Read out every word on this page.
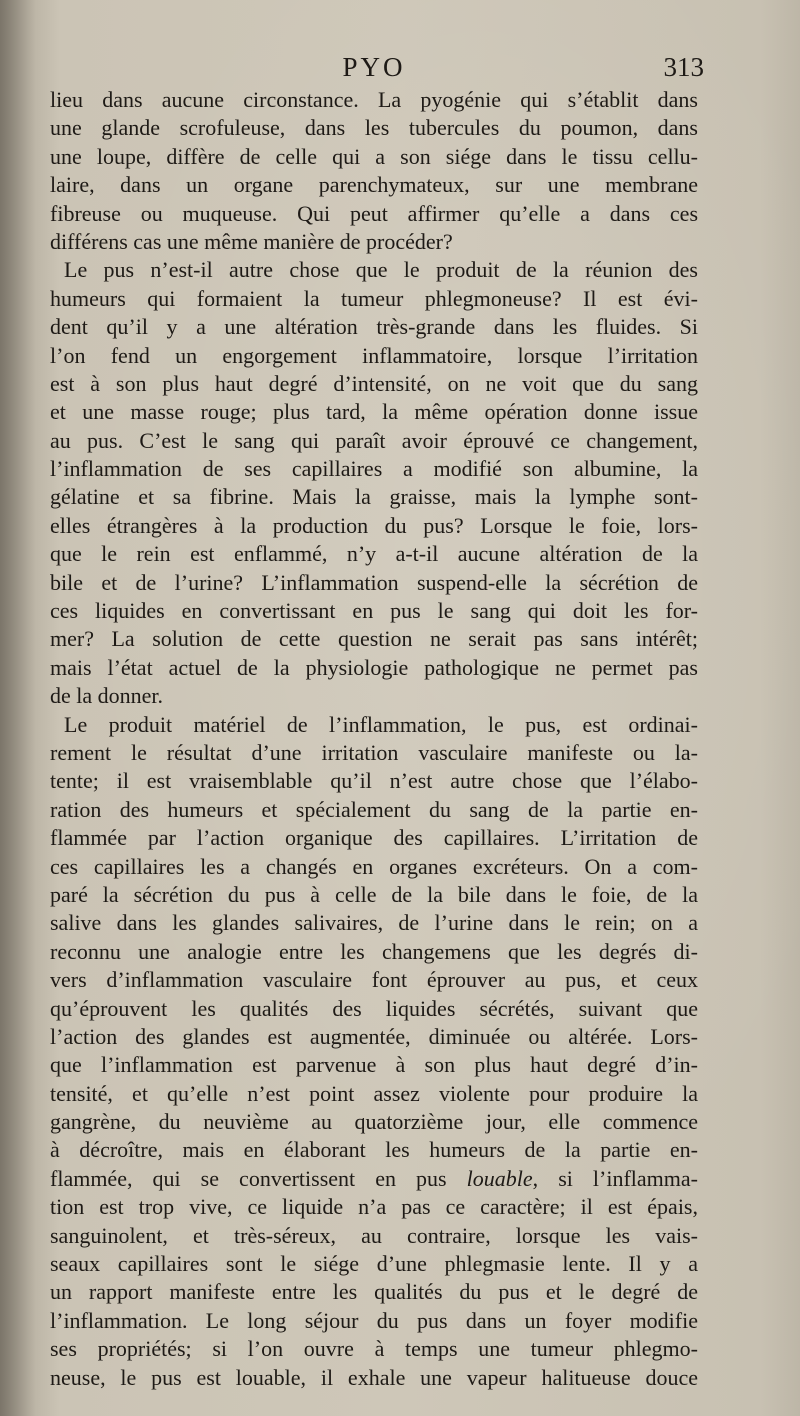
PYO	313
lieu dans aucune circonstance. La pyogénie qui s’établit dans
une glande scrofuleuse, dans les tubercules du poumon, dans
une loupe, diffère de celle qui a son siége dans le tissu cellu-
laire, dans un organe parenchymateux, sur une membrane
fibreuse ou muqueuse. Qui peut affirmer qu’elle a dans ces
différens cas une même manière de procéder?
Le pus n’est-il autre chose que le produit de la réunion des
humeurs qui formaient la tumeur phlegmoneuse? Il est évi-
dent qu’il y a une altération très-grande dans les fluides. Si
l’on fend un engorgement inflammatoire, lorsque l’irritation
est à son plus haut degré d’intensité, on ne voit que du sang
et une masse rouge; plus tard, la même opération donne issue
au pus. C’est le sang qui paraît avoir éprouvé ce changement,
l’inflammation de ses capillaires a modifié son albumine, la
gélatine et sa fibrine. Mais la graisse, mais la lymphe sont-
elles étrangères à la production du pus? Lorsque le foie, lors-
que le rein est enflammé, n’y a-t-il aucune altération de la
bile et de l’urine? L’inflammation suspend-elle la sécrétion de
ces liquides en convertissant en pus le sang qui doit les for-
mer? La solution de cette question ne serait pas sans intérêt;
mais l’état actuel de la physiologie pathologique ne permet pas
de la donner.
Le produit matériel de l’inflammation, le pus, est ordinai-
rement le résultat d’une irritation vasculaire manifeste ou la-
tente; il est vraisemblable qu’il n’est autre chose que l’élabo-
ration des humeurs et spécialement du sang de la partie en-
flammée par l’action organique des capillaires. L’irritation de
ces capillaires les a changés en organes excréteurs. On a com-
paré la sécrétion du pus à celle de la bile dans le foie, de la
salive dans les glandes salivaires, de l’urine dans le rein; on a
reconnu une analogie entre les changemens que les degrés di-
vers d’inflammation vasculaire font éprouver au pus, et ceux
qu’éprouvent les qualités des liquides sécrétés, suivant que
l’action des glandes est augmentée, diminuée ou altérée. Lors-
que l’inflammation est parvenue à son plus haut degré d’in-
tensité, et qu’elle n’est point assez violente pour produire la
gangrène, du neuvième au quatorzième jour, elle commence
à décroître, mais en élaborant les humeurs de la partie en-
flammée, qui se convertissent en pus louable, si l’inflamma-
tion est trop vive, ce liquide n’a pas ce caractère; il est épais,
sanguinolent, et très-séreux, au contraire, lorsque les vais-
seaux capillaires sont le siége d’une phlegmasie lente. Il y a
un rapport manifeste entre les qualités du pus et le degré de
l’inflammation. Le long séjour du pus dans un foyer modifie
ses propriétés; si l’on ouvre à temps une tumeur phlegmo-
neuse, le pus est louable, il exhale une vapeur halitueuse douce
